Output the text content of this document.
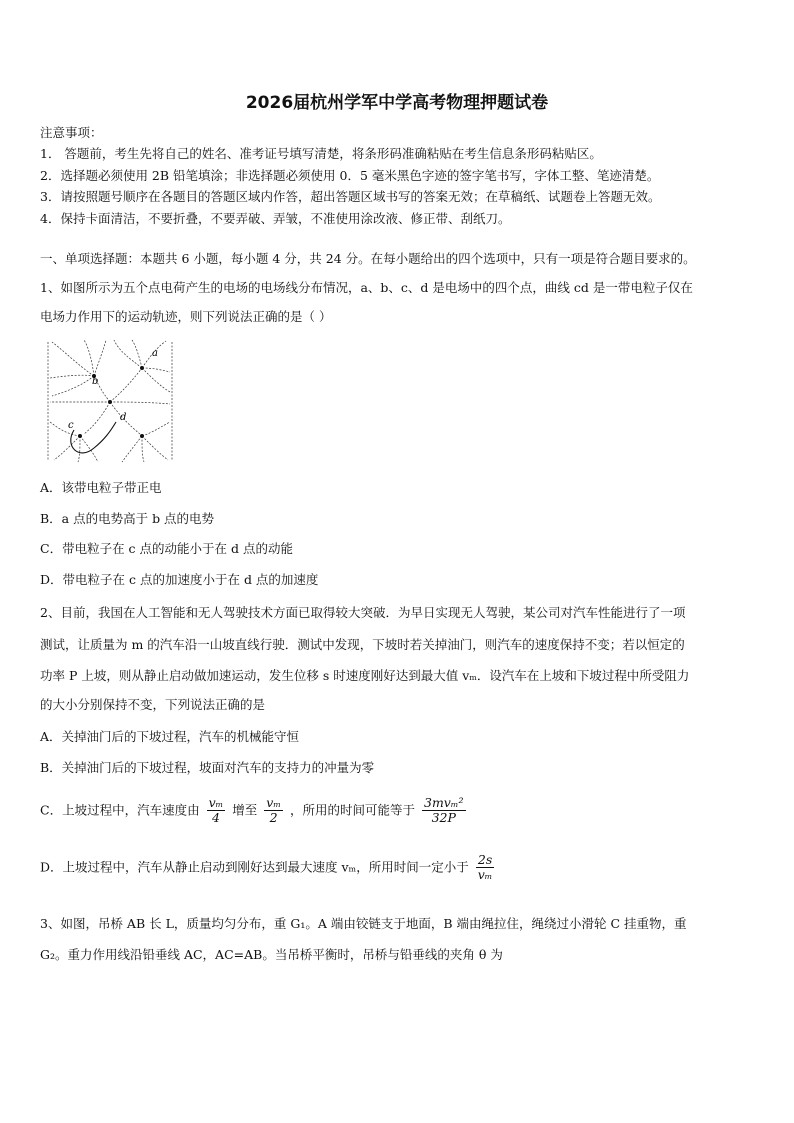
2026届杭州学军中学高考物理押题试卷
注意事项：
1． 答题前，考生先将自己的姓名、准考证号填写清楚，将条形码准确粘贴在考生信息条形码粘贴区。
2．选择题必须使用 2B 铅笔填涂；非选择题必须使用 0．5 毫米黑色字迹的签字笔书写，字体工整、笔迹清楚。
3．请按照题号顺序在各题目的答题区域内作答，超出答题区域书写的答案无效；在草稿纸、试题卷上答题无效。
4．保持卡面清洁，不要折叠，不要弄破、弄皱，不准使用涂改液、修正带、刮纸刀。
一、单项选择题：本题共 6 小题，每小题 4 分，共 24 分。在每小题给出的四个选项中，只有一项是符合题目要求的。
1、如图所示为五个点电荷产生的电场的电场线分布情况，a、b、c、d 是电场中的四个点，曲线 cd 是一带电粒子仅在
电场力作用下的运动轨迹，则下列说法正确的是（ ）
a
b
c
d
A．该带电粒子带正电
B．a 点的电势高于 b 点的电势
C．带电粒子在 c 点的动能小于在 d 点的动能
D．带电粒子在 c 点的加速度小于在 d 点的加速度
2、目前，我国在人工智能和无人驾驶技术方面已取得较大突破．为早日实现无人驾驶，某公司对汽车性能进行了一项
测试，让质量为 m 的汽车沿一山坡直线行驶．测试中发现，下坡时若关掉油门，则汽车的速度保持不变；若以恒定的
功率 P 上坡，则从静止启动做加速运动，发生位移 s 时速度刚好达到最大值 vₘ．设汽车在上坡和下坡过程中所受阻力
的大小分别保持不变，下列说法正确的是
A．关掉油门后的下坡过程，汽车的机械能守恒
B．关掉油门后的下坡过程，坡面对汽车的支持力的冲量为零
C．上坡过程中，汽车速度由 $\frac{\text{vₘ}}{4}$ 增至 $\frac{\text{vₘ}}{2}$ ，所用的时间可能等于 $\frac{\text{3mvₘ²}}{32P}$
D．上坡过程中，汽车从静止启动到刚好达到最大速度 vₘ，所用时间一定小于 $\frac{2s}{\text{vₘ}}$
3、如图，吊桥 AB 长 L，质量均匀分布，重 G₁。A 端由铰链支于地面，B 端由绳拉住，绳绕过小滑轮 C 挂重物，重
G₂。重力作用线沿铅垂线 AC，AC=AB。当吊桥平衡时，吊桥与铅垂线的夹角 θ 为
